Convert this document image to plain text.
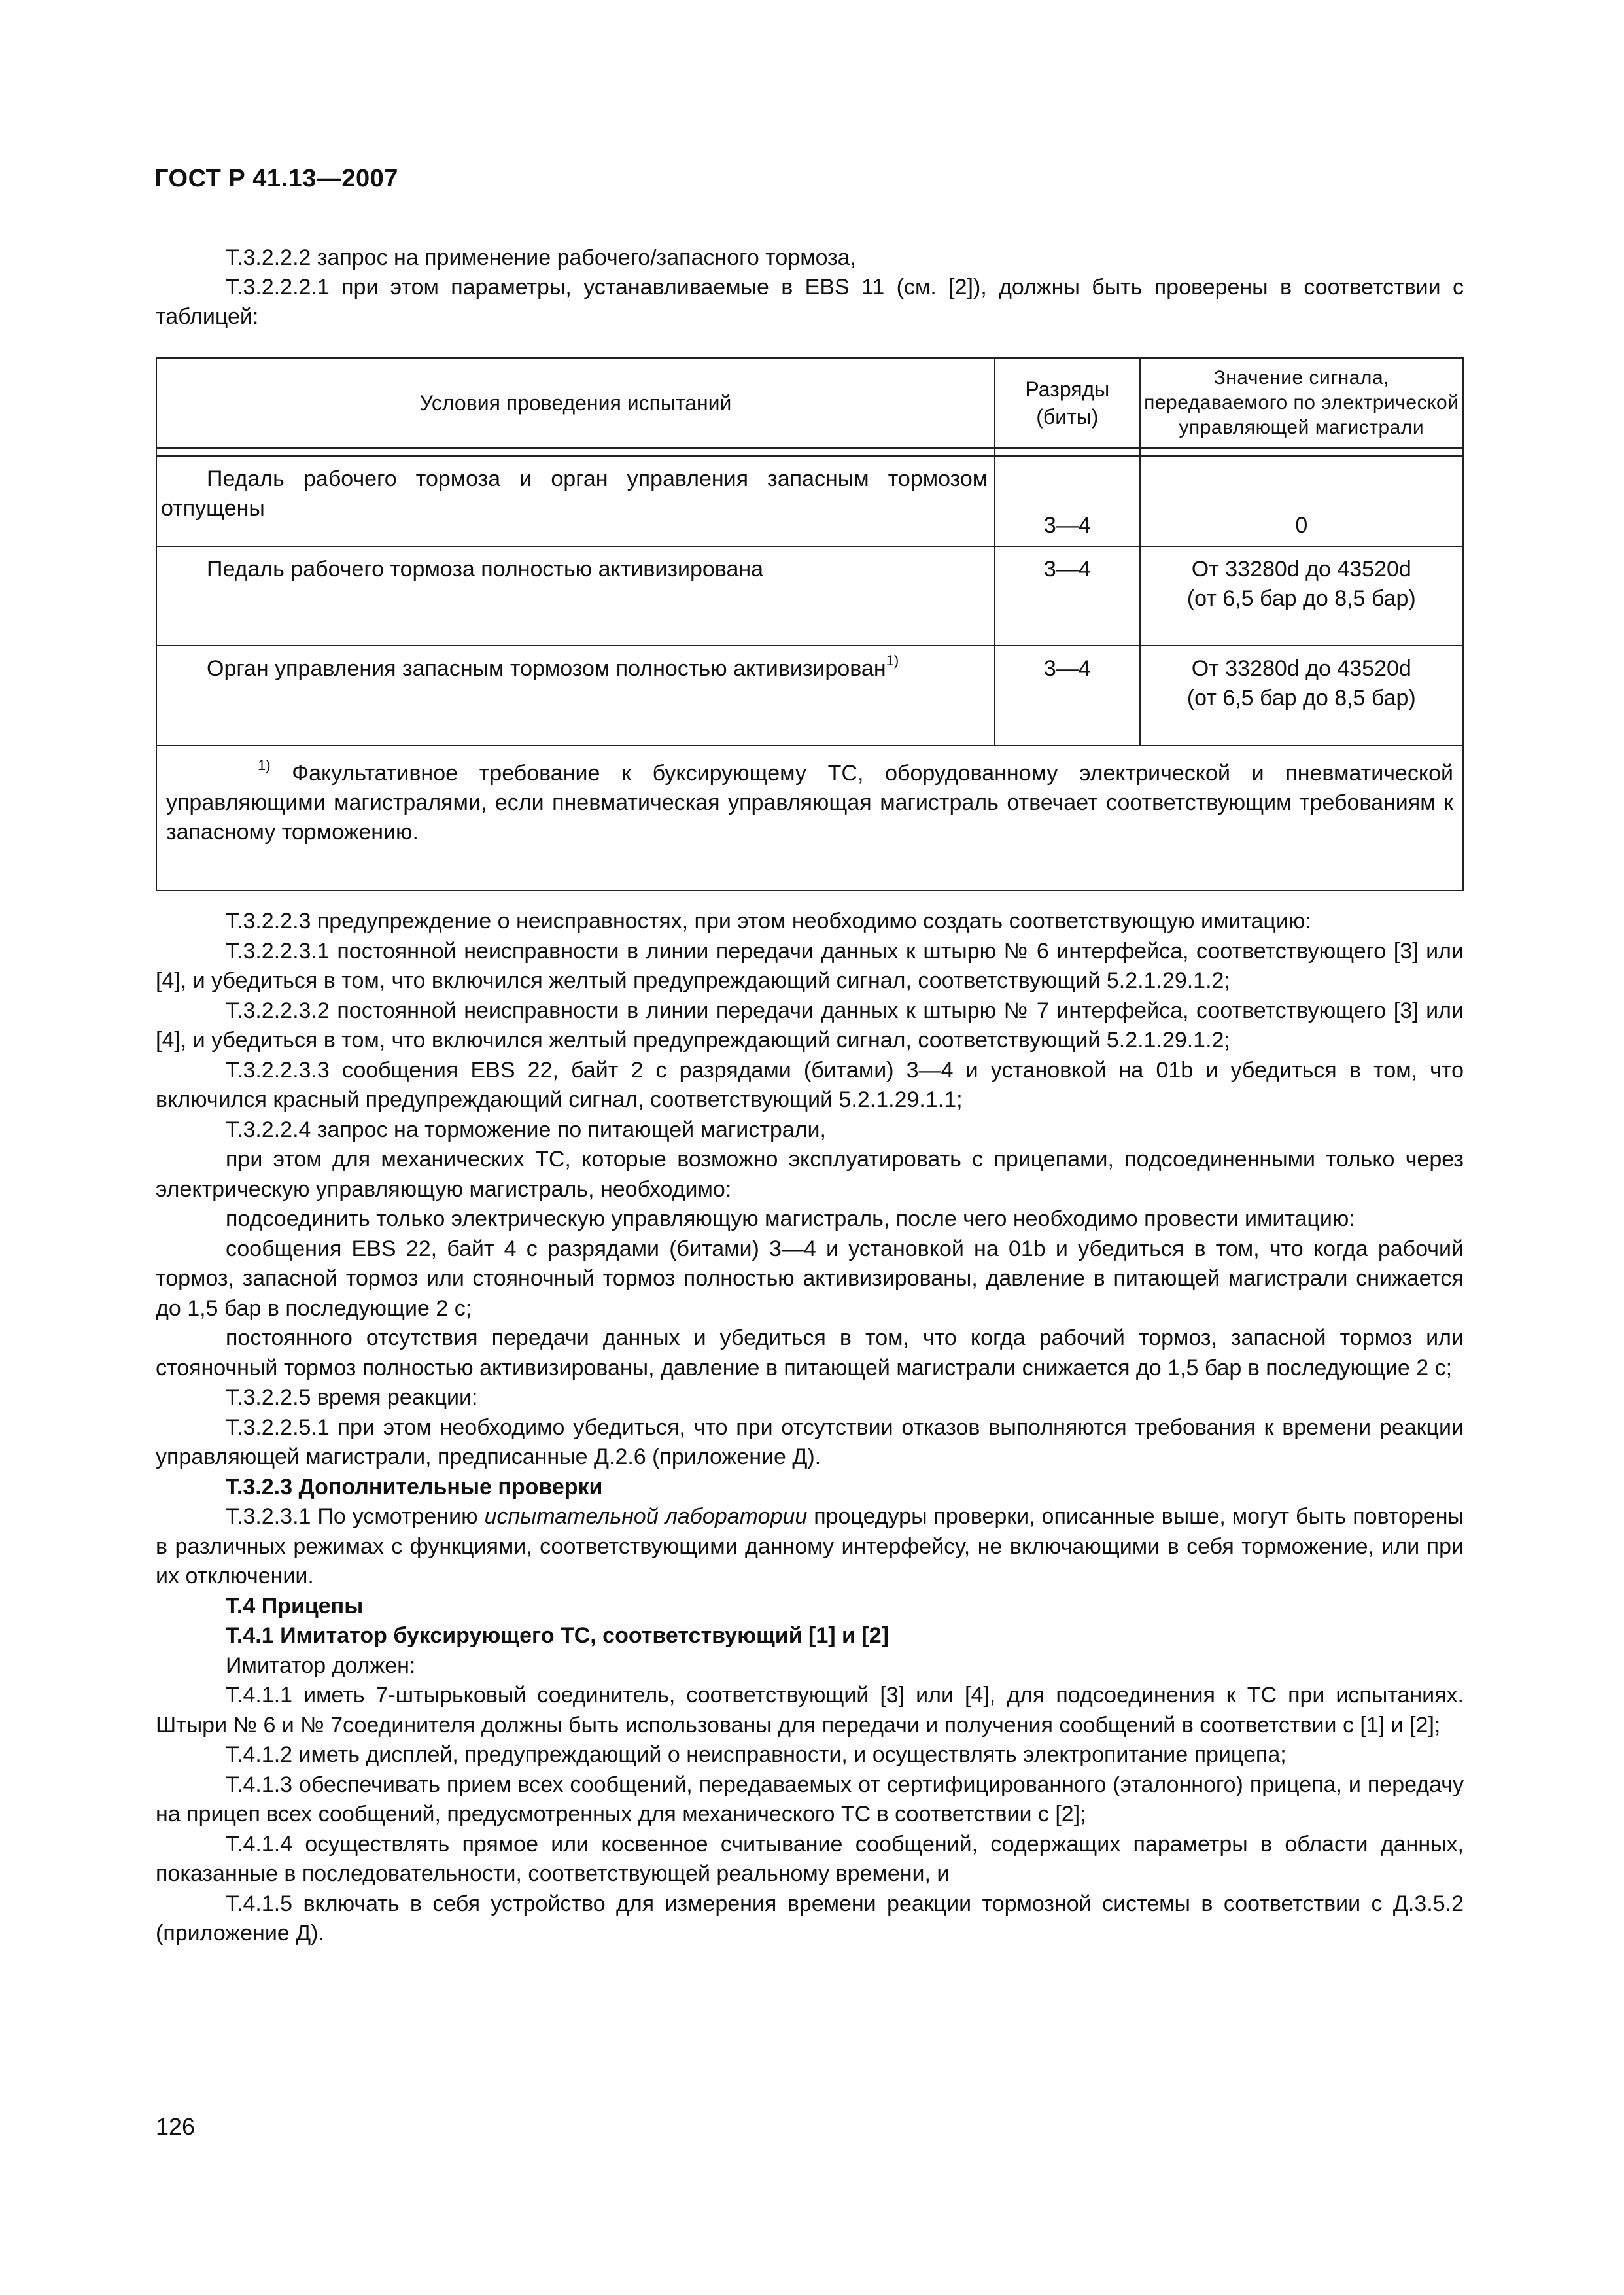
ГОСТ Р 41.13—2007

Т.3.2.2.2 запрос на применение рабочего/запасного тормоза,

Т.3.2.2.2.1 при этом параметры, устанавливаемые в EBS 11 (см. [2]), должны быть проверены в соответствии с таблицей:

Условия проведения испытаний	Разряды (биты)	Значение сигнала, передаваемого по электрической управляющей магистрали

Педаль рабочего тормоза и орган управления запасным тормозом отпущены	3—4	0
Педаль рабочего тормоза полностью активизирована	3—4	От 33280d до 43520d
(от 6,5 бар до 8,5 бар)

Орган управления запасным тормозом полностью активизирован$^{1)}$	3—4	От 33280d до 43520d
(от 6,5 бар до 8,5 бар)

$^{1)}$ Факультативное требование к буксирующему ТС, оборудованному электрической и пневматической управляющими магистралями, если пневматическая управляющая магистраль отвечает соответствующим требованиям к запасному торможению.		

Т.3.2.2.3 предупреждение о неисправностях, при этом необходимо создать соответствующую имитацию:

Т.3.2.2.3.1 постоянной неисправности в линии передачи данных к штырю № 6 интерфейса, соответствующего [3] или [4], и убедиться в том, что включился желтый предупреждающий сигнал, соответствующий 5.2.1.29.1.2;

Т.3.2.2.3.2 постоянной неисправности в линии передачи данных к штырю № 7 интерфейса, соответствующего [3] или [4], и убедиться в том, что включился желтый предупреждающий сигнал, соответствующий 5.2.1.29.1.2;

Т.3.2.2.3.3 сообщения EBS 22, байт 2 с разрядами (битами) 3—4 и установкой на 01b и убедиться в том, что включился красный предупреждающий сигнал, соответствующий 5.2.1.29.1.1;

Т.3.2.2.4 запрос на торможение по питающей магистрали,

при этом для механических ТС, которые возможно эксплуатировать с прицепами, подсоединенными только через электрическую управляющую магистраль, необходимо:

подсоединить только электрическую управляющую магистраль, после чего необходимо провести имитацию:

сообщения EBS 22, байт 4 с разрядами (битами) 3—4 и установкой на 01b и убедиться в том, что когда рабочий тормоз, запасной тормоз или стояночный тормоз полностью активизированы, давление в питающей магистрали снижается до 1,5 бар в последующие 2 с;

постоянного отсутствия передачи данных и убедиться в том, что когда рабочий тормоз, запасной тормоз или стояночный тормоз полностью активизированы, давление в питающей магистрали снижается до 1,5 бар в последующие 2 с;

Т.3.2.2.5 время реакции:

Т.3.2.2.5.1 при этом необходимо убедиться, что при отсутствии отказов выполняются требования к времени реакции управляющей магистрали, предписанные Д.2.6 (приложение Д).

Т.3.2.3 Дополнительные проверки

Т.3.2.3.1 По усмотрению испытательной лаборатории процедуры проверки, описанные выше, могут быть повторены в различных режимах с функциями, соответствующими данному интерфейсу, не включающими в себя торможение, или при их отключении.

Т.4 Прицепы

Т.4.1 Имитатор буксирующего ТС, соответствующий [1] и [2]

Имитатор должен:

Т.4.1.1 иметь 7-штырьковый соединитель, соответствующий [3] или [4], для подсоединения к ТС при испытаниях. Штыри № 6 и № 7соединителя должны быть использованы для передачи и получения сообщений в соответствии с [1] и [2];

Т.4.1.2 иметь дисплей, предупреждающий о неисправности, и осуществлять электропитание прицепа;

Т.4.1.3 обеспечивать прием всех сообщений, передаваемых от сертифицированного (эталонного) прицепа, и передачу на прицеп всех сообщений, предусмотренных для механического ТС в соответствии с [2];

Т.4.1.4 осуществлять прямое или косвенное считывание сообщений, содержащих параметры в области данных, показанные в последовательности, соответствующей реальному времени, и

Т.4.1.5 включать в себя устройство для измерения времени реакции тормозной системы в соответствии с Д.3.5.2 (приложение Д).

126
